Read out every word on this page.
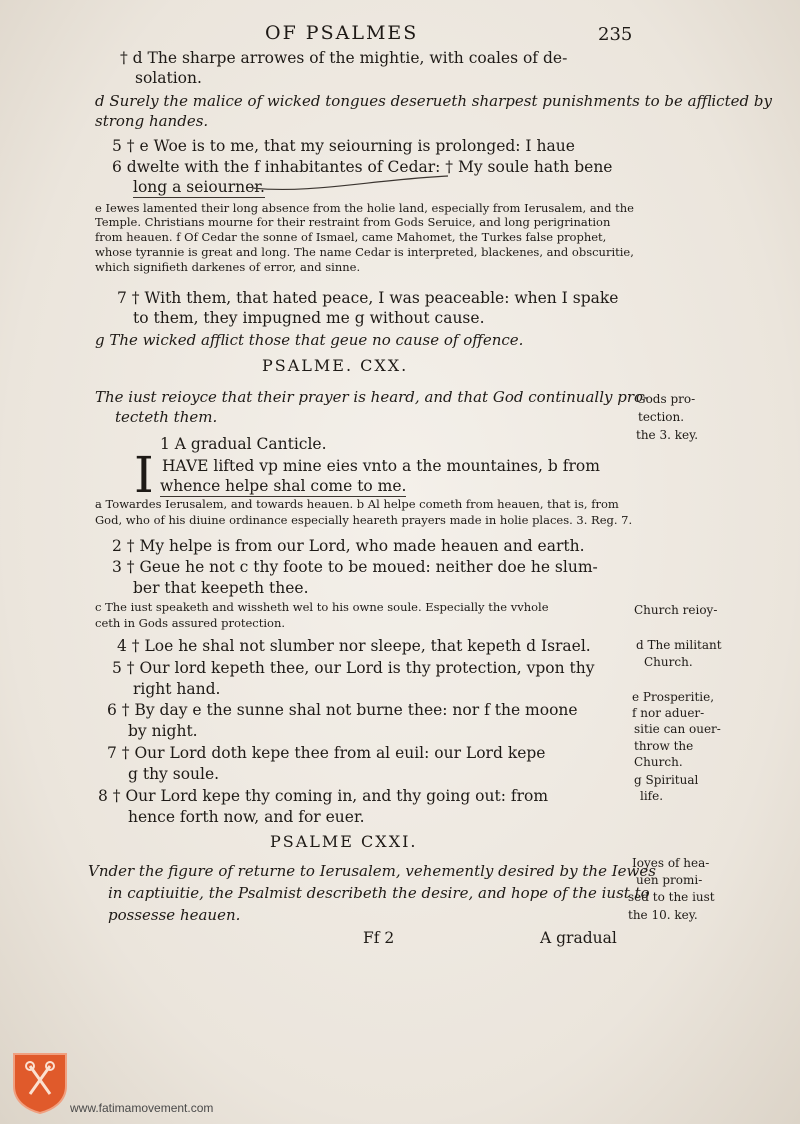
OF PSALMES	235
† d The sharpe arrowes of the mightie, with coales of de-
solation.
d Surely the malice of wicked tongues deserueth sharpest punishments to be afflicted by
strong handes.
5 † e Woe is to me, that my seiourning is prolonged: I haue
6 dwelte with the f inhabitantes of Cedar: † My soule hath bene
long a seiourner.
e Iewes lamented their long absence from the holie land, especially from Ierusalem, and the
Temple. Christians mourne for their restraint from Gods Seruice, and long perigrination
from heauen. f Of Cedar the sonne of Ismael, came Mahomet, the Turkes false prophet,
whose tyrannie is great and long. The name Cedar is interpreted, blackenes, and obscuritie,
which signifieth darkenes of error, and sinne.
7 † With them, that hated peace, I was peaceable: when I spake
to them, they impugned me g without cause.
g The wicked afflict those that geue no cause of offence.
PSALME. CXX.
The iust reioyce that their prayer is heard, and that God continually pro-
tecteth them.
1 A gradual Canticle.
I HAVE lifted vp mine eies vnto a the mountaines, b from
whence helpe shal come to me.
a Towardes Ierusalem, and towards heauen. b Al helpe cometh from heauen, that is, from
God, who of his diuine ordinance especially heareth prayers made in holie places. 3. Reg. 7.
2 † My helpe is from our Lord, who made heauen and earth.
3 † Geue he not c thy foote to be moued: neither doe he slum-
ber that keepeth thee.
c The iust speaketh and wissheth wel to his owne soule. Especially the vvhole
ceth in Gods assured protection.
4 † Loe he shal not slumber nor sleepe, that kepeth d Israel.
5 † Our lord kepeth thee, our Lord is thy protection, vpon thy
right hand.
6 † By day e the sunne shal not burne thee: nor f the moone
by night.
7 † Our Lord doth kepe thee from al euil: our Lord kepe
g thy soule.
8 † Our Lord kepe thy coming in, and thy going out: from
hence forth now, and for euer.
PSALME CXXI.
Vnder the figure of returne to Ierusalem, vehemently desired by the Iewes
in captiuitie, the Psalmist describeth the desire, and hope of the iust to
possesse heauen.
Ff 2	A gradual
Gods pro-
tection.
the 3. key.
Church reioy-
d The militant
Church.
e Prosperitie,
f nor aduer-
sitie can ouer-
throw the
Church.
g Spiritual
life.
Ioyes of hea-
uen promi-
sed to the iust
the 10. key.
www.fatimamovement.com
